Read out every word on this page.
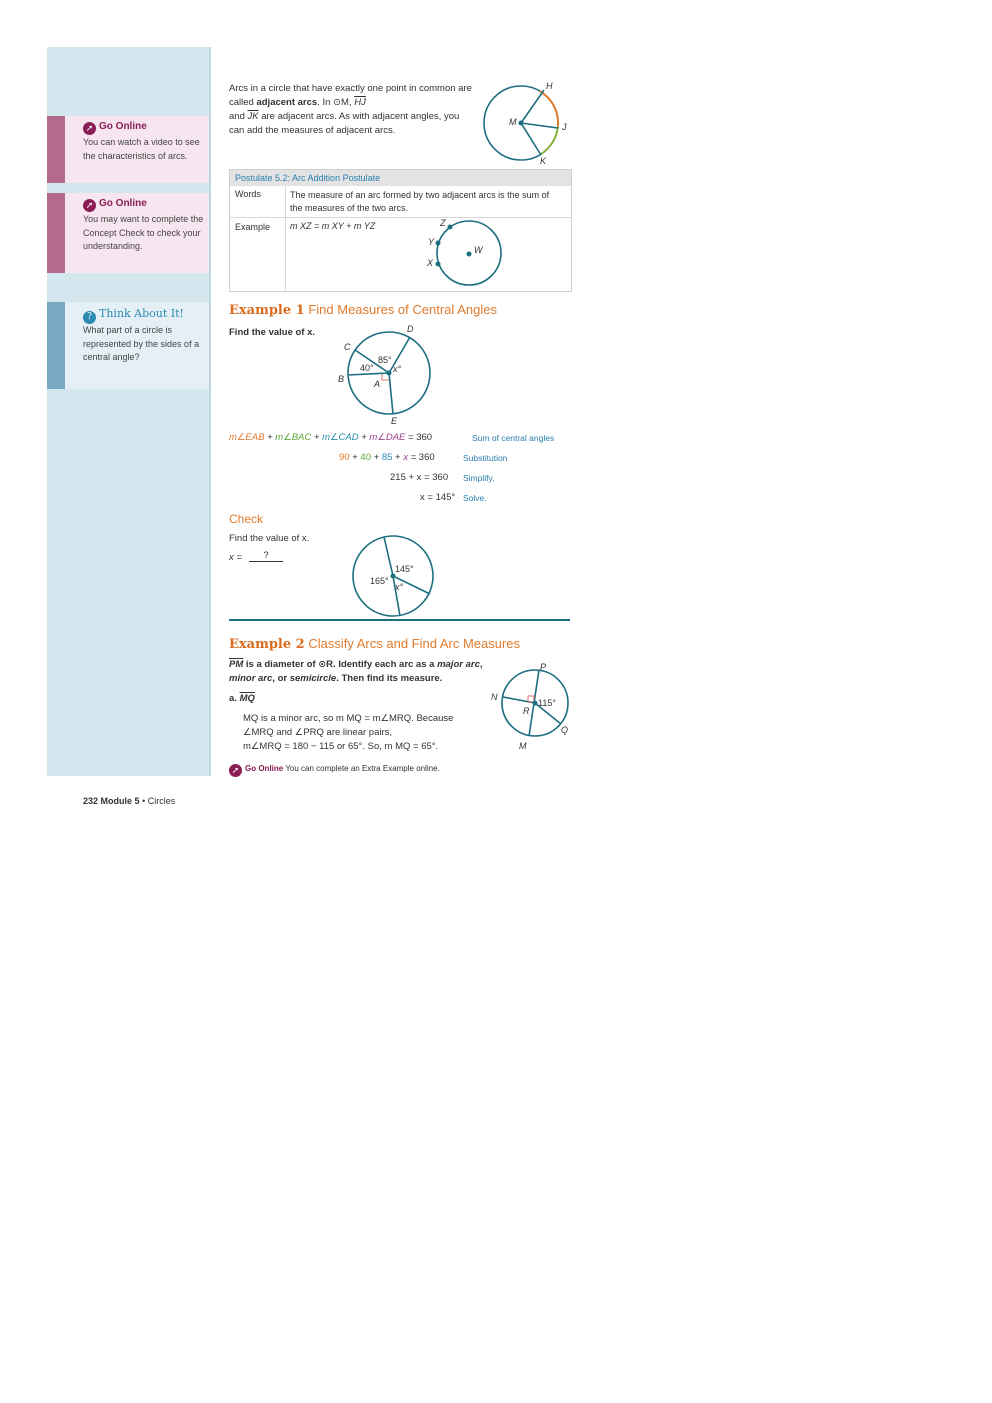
➚ Go Online
You can watch a video to see the characteristics of arcs.
➚ Go Online
You may want to complete the Concept Check to check your understanding.
? Think About It!
What part of a circle is represented by the sides of a central angle?
Arcs in a circle that have exactly one point in common are called adjacent arcs. In ⊙M, $\overline{HJ}$
and $\overline{JK}$ are adjacent arcs. As with adjacent angles, you can add the measures of adjacent arcs.
H
M	J
K
Postulate 5.2: Arc Addition Postulate
Words	The measure of an arc formed by two adjacent arcs is the sum of the measures of the two arcs.
Example m XZ = m XY + m YZ	Z
Y
X
W
Example 1 Find Measures of Central Angles
Find the value of x.	D
C
B	A
E
85°
40° x°
m∠EAB + m∠BAC + m∠CAD + m∠DAE = 360	Sum of central angles
90 + 40 + 85 + x = 360	Substitution
215 + x = 360 Simplify.
x = 145° Solve.
Check
Find the value of x.
x =	?
145°
165°
x°
Example 2 Classify Arcs and Find Arc Measures
$\overline{PM}$ is a diameter of ⊙R. Identify each arc as a major arc, minor arc, or semicircle. Then find its measure.
a. $\overline{MQ}$
MQ is a minor arc, so m MQ = m∠MRQ. Because
∠MRQ and ∠PRQ are linear pairs,
m∠MRQ = 180 − 115 or 65°. So, m MQ = 65°.
P
N
R
Q
M
115°
➚ Go Online You can complete an Extra Example online.
232 Module 5 • Circles
